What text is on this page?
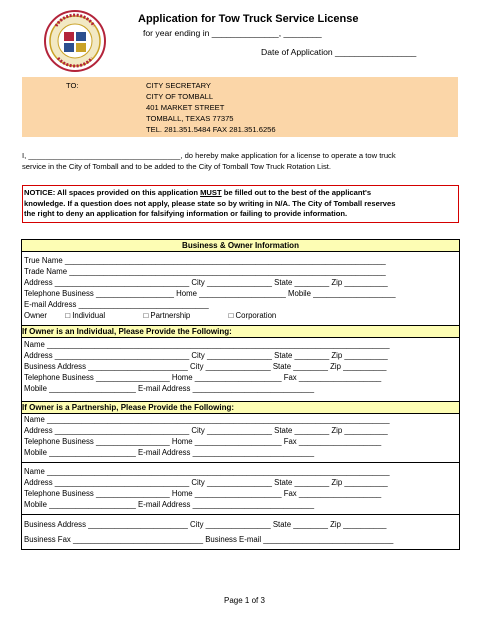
Application for Tow Truck Service License
for year ending in ______________, ________
Date of Application _________________
TO:	CITY SECRETARY
CITY OF TOMBALL
401 MARKET STREET
TOMBALL, TEXAS 77375
TEL. 281.351.5484 FAX 281.351.6256
I, ____________________________________, do hereby make application for a license to operate a tow truck
service in the City of Tomball and to be added to the City of Tomball Tow Truck Rotation List.
NOTICE: All spaces provided on this application MUST be filled out to the best of the applicant's
knowledge. If a question does not apply, please state so by writing in N/A. The City of Tomball reserves
the right to deny an application for falsifying information or failing to provide information.
Business & Owner Information
True Name __________________________________________________________________________
Trade Name _________________________________________________________________________
Address _______________________________ City _______________ State ________ Zip __________
Telephone Business __________________ Home ____________________ Mobile ___________________
E-mail Address ______________________________
Owner □ Individual	□ Partnership	□ Corporation
If Owner is an Individual, Please Provide the Following:
Name _______________________________________________________________________________
Address _______________________________ City _______________ State ________ Zip __________
Business Address _______________________ City _______________ State ________ Zip __________
Telephone Business _________________ Home ____________________ Fax ___________________
Mobile ____________________ E-mail Address ____________________________
If Owner is a Partnership, Please Provide the Following:
Name _______________________________________________________________________________
Address _______________________________ City _______________ State ________ Zip __________
Telephone Business _________________ Home ____________________ Fax ___________________
Mobile ____________________ E-mail Address ____________________________
Name _______________________________________________________________________________
Address _______________________________ City _______________ State ________ Zip __________
Telephone Business _________________ Home ____________________ Fax ___________________
Mobile ____________________ E-mail Address ____________________________
Business Address _______________________ City _______________ State ________ Zip __________
Business Fax ______________________________ Business E-mail ______________________________
Page 1 of 3
